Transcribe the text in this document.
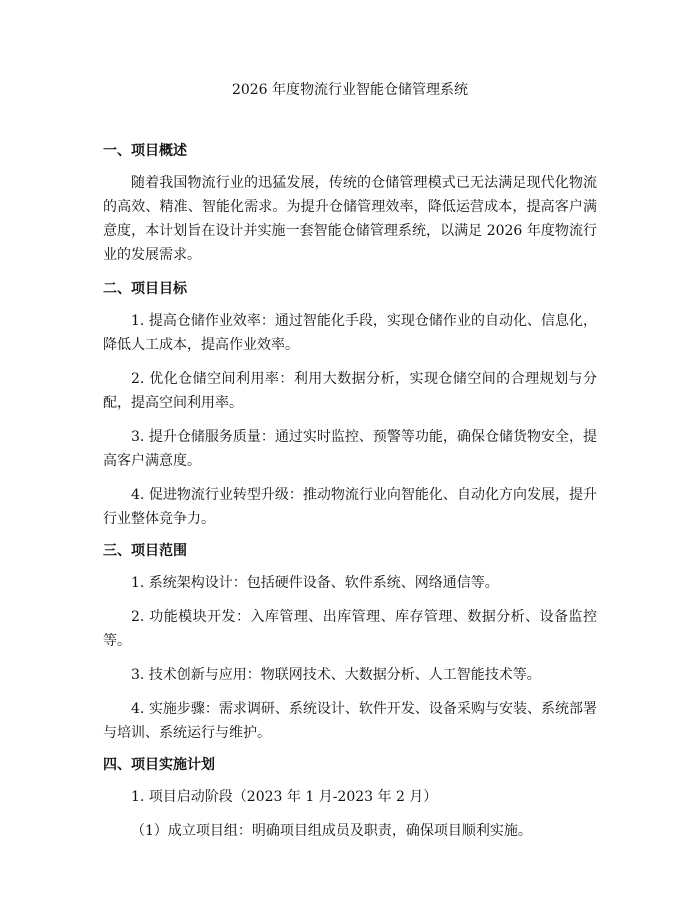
2026 年度物流行业智能仓储管理系统
一、项目概述

随着我国物流行业的迅猛发展，传统的仓储管理模式已无法满足现代化物流的高效、精准、智能化需求。为提升仓储管理效率，降低运营成本，提高客户满意度，本计划旨在设计并实施一套智能仓储管理系统，以满足 2026 年度物流行业的发展需求。

二、项目目标

1. 提高仓储作业效率：通过智能化手段，实现仓储作业的自动化、信息化，降低人工成本，提高作业效率。

2. 优化仓储空间利用率：利用大数据分析，实现仓储空间的合理规划与分配，提高空间利用率。

3. 提升仓储服务质量：通过实时监控、预警等功能，确保仓储货物安全，提高客户满意度。

4. 促进物流行业转型升级：推动物流行业向智能化、自动化方向发展，提升行业整体竞争力。

三、项目范围

1. 系统架构设计：包括硬件设备、软件系统、网络通信等。

2. 功能模块开发：入库管理、出库管理、库存管理、数据分析、设备监控等。

3. 技术创新与应用：物联网技术、大数据分析、人工智能技术等。

4. 实施步骤：需求调研、系统设计、软件开发、设备采购与安装、系统部署与培训、系统运行与维护。

四、项目实施计划

1. 项目启动阶段（2023 年 1 月-2023 年 2 月）

（1）成立项目组：明确项目组成员及职责，确保项目顺利实施。
